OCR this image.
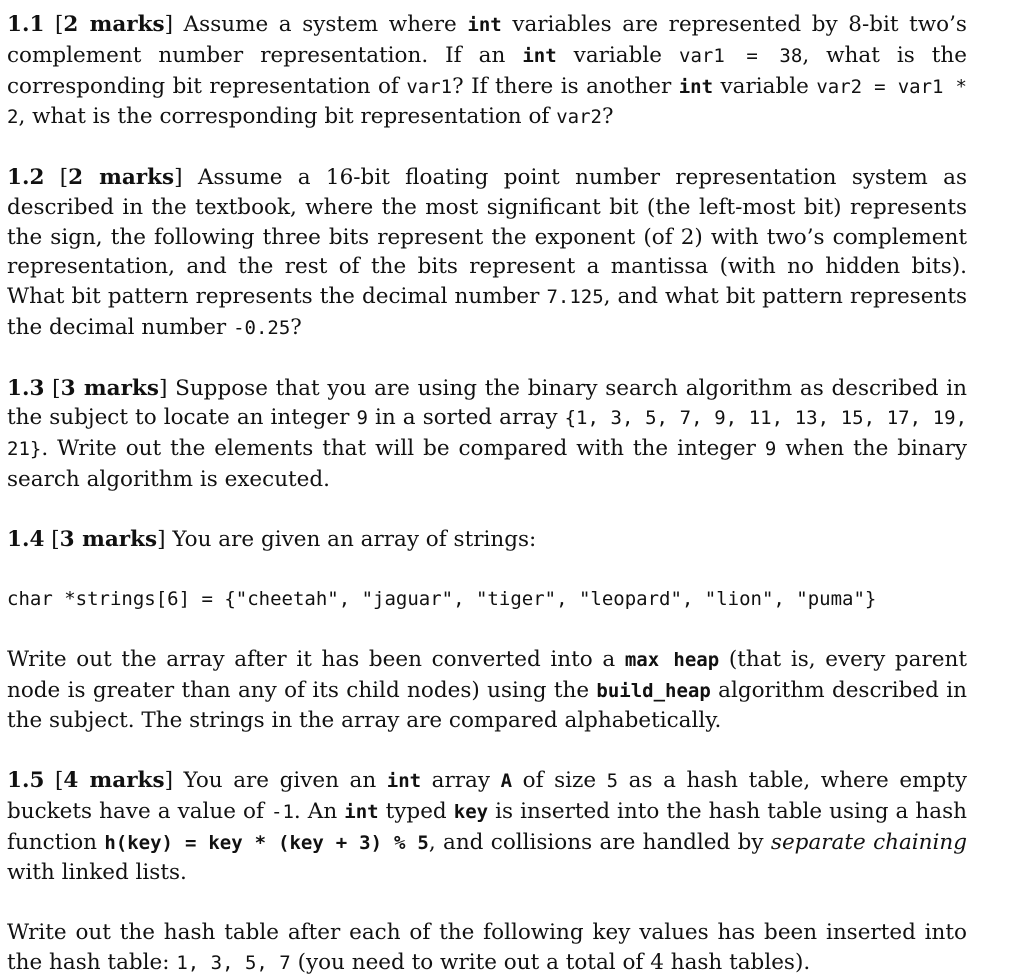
1.1 [2 marks] Assume a system where int variables are represented by 8-bit two’s complement number representation. If an int variable var1 = 38, what is the corresponding bit representation of var1? If there is another int variable var2 = var1 * 2, what is the corresponding bit representation of var2?

1.2 [2 marks] Assume a 16-bit floating point number representation system as described in the textbook, where the most significant bit (the left-most bit) represents the sign, the following three bits represent the exponent (of 2) with two’s complement representation, and the rest of the bits represent a mantissa (with no hidden bits). What bit pattern represents the decimal number 7.125, and what bit pattern represents the decimal number -0.25?

1.3 [3 marks] Suppose that you are using the binary search algorithm as described in the subject to locate an integer 9 in a sorted array {1, 3, 5, 7, 9, 11, 13, 15, 17, 19, 21}. Write out the elements that will be compared with the integer 9 when the binary search algorithm is executed.

1.4 [3 marks] You are given an array of strings:

char *strings[6] = {"cheetah", "jaguar", "tiger", "leopard", "lion", "puma"}

Write out the array after it has been converted into a max heap (that is, every parent node is greater than any of its child nodes) using the build_heap algorithm described in the subject. The strings in the array are compared alphabetically.

1.5 [4 marks] You are given an int array A of size 5 as a hash table, where empty buckets have a value of -1. An int typed key is inserted into the hash table using a hash function h(key) = key * (key + 3) % 5, and collisions are handled by separate chaining with linked lists.

Write out the hash table after each of the following key values has been inserted into the hash table: 1, 3, 5, 7 (you need to write out a total of 4 hash tables).
